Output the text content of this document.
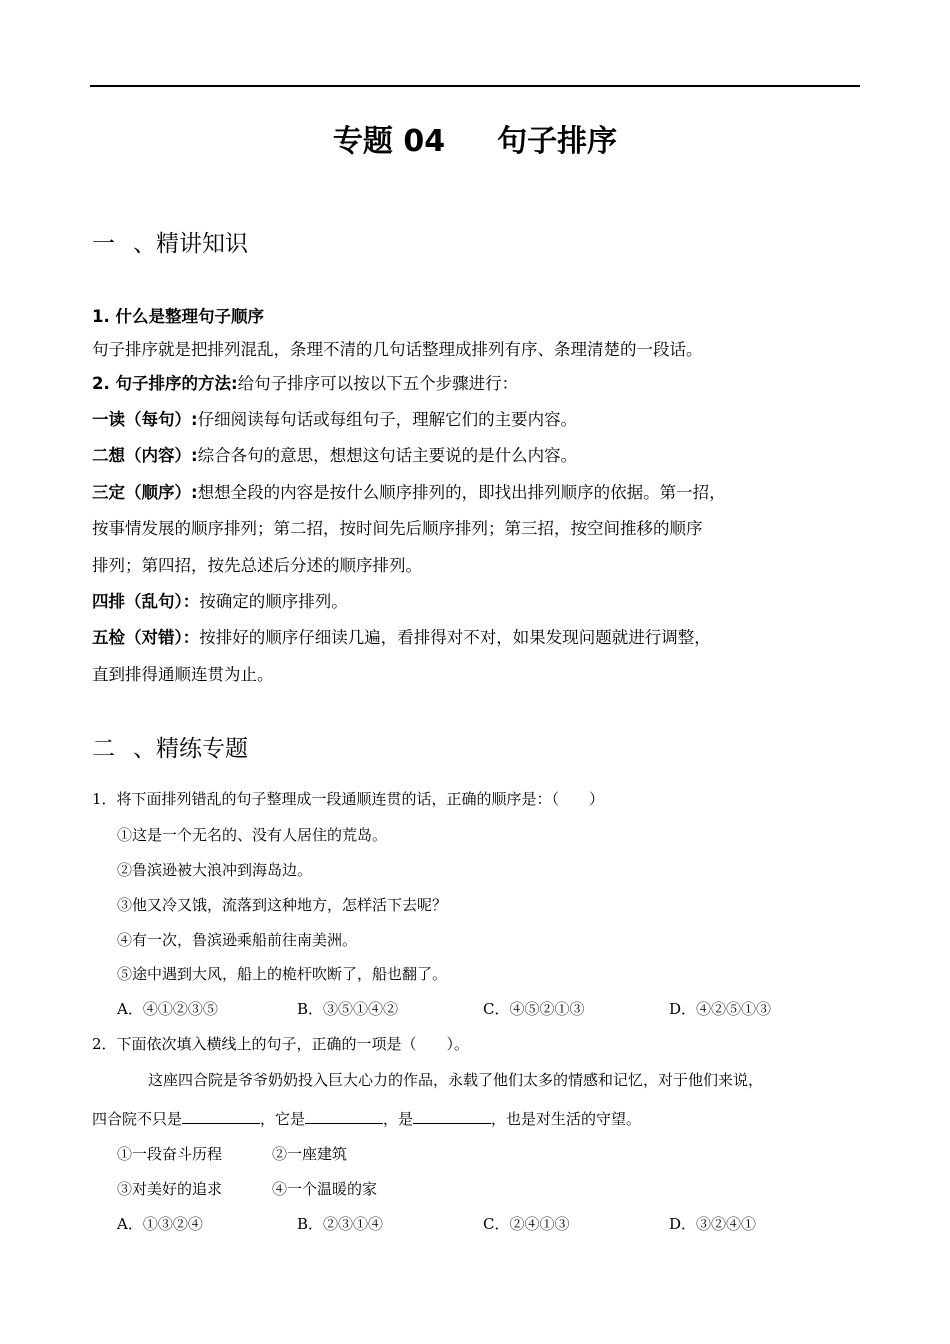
专题 04 句子排序
一 、精讲知识
1. 什么是整理句子顺序
句子排序就是把排列混乱，条理不清的几句话整理成排列有序、条理清楚的一段话。
2. 句子排序的方法:给句子排序可以按以下五个步骤进行：
一读（每句）:仔细阅读每句话或每组句子，理解它们的主要内容。
二想（内容）:综合各句的意思，想想这句话主要说的是什么内容。
三定（顺序）:想想全段的内容是按什么顺序排列的，即找出排列顺序的依据。第一招，
按事情发展的顺序排列；第二招，按时间先后顺序排列；第三招，按空间推移的顺序
排列；第四招，按先总述后分述的顺序排列。
四排（乱句）：按确定的顺序排列。
五检（对错）：按排好的顺序仔细读几遍，看排得对不对，如果发现问题就进行调整，
直到排得通顺连贯为止。
二 、精练专题
1．将下面排列错乱的句子整理成一段通顺连贯的话，正确的顺序是：（　　）
①这是一个无名的、没有人居住的荒岛。
②鲁滨逊被大浪冲到海岛边。
③他又冷又饿，流落到这种地方，怎样活下去呢？
④有一次，鲁滨逊乘船前往南美洲。
⑤途中遇到大风，船上的桅杆吹断了，船也翻了。
A．④①②③⑤	B．③⑤①④②	C．④⑤②①③	D．④②⑤①③
2．下面依次填入横线上的句子，正确的一项是（　　）。
这座四合院是爷爷奶奶投入巨大心力的作品，永载了他们太多的情感和记忆，对于他们来说，
四合院不只是	，它是	，是	，也是对生活的守望。
①一段奋斗历程	②一座建筑
③对美好的追求	④一个温暖的家
A．①③②④	B．②③①④	C．②④①③	D．③②④①
